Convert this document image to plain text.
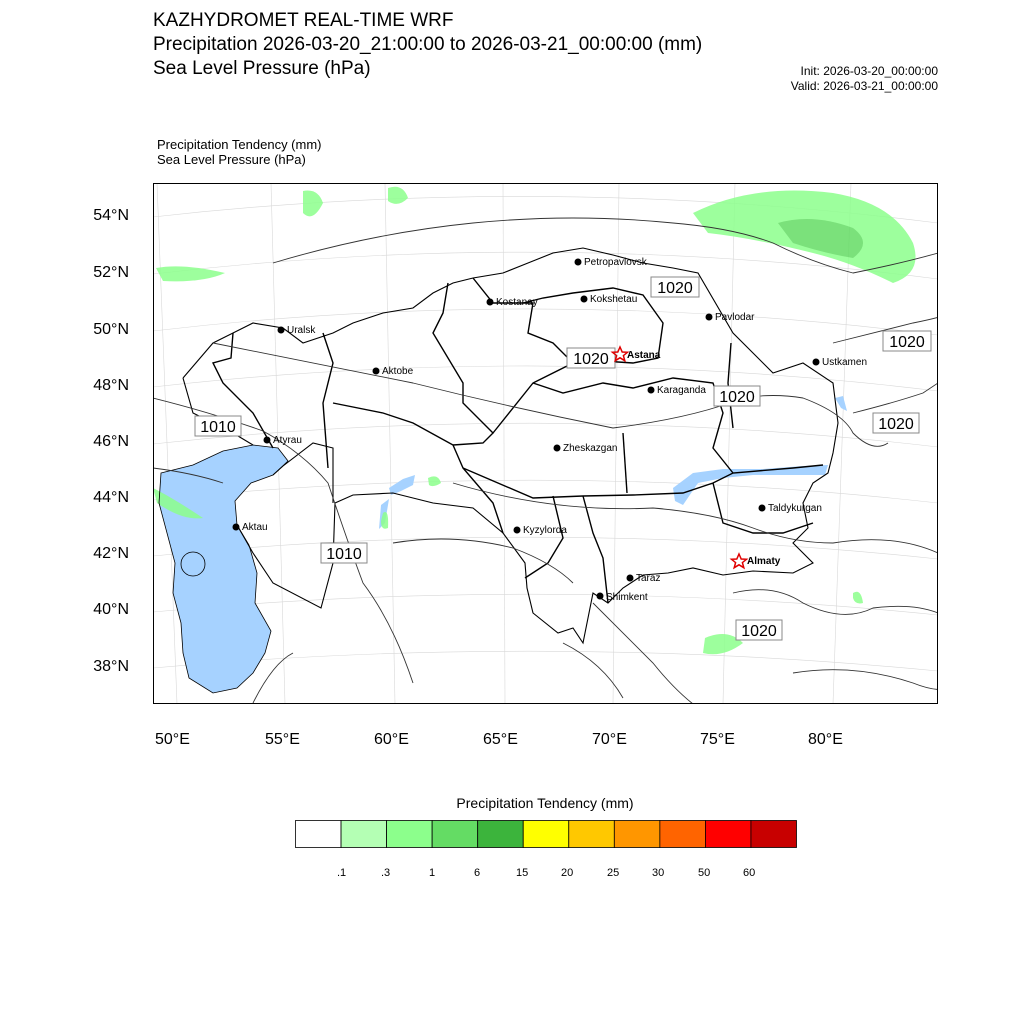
KAZHYDROMET REAL-TIME WRF
Precipitation 2026-03-20_21:00:00 to 2026-03-21_00:00:00 (mm)
Sea Level Pressure (hPa)	Init: 2026-03-20_00:00:00
Valid: 2026-03-21_00:00:00
Precipitation Tendency (mm)
Sea Level Pressure (hPa)
1020
1020
1020
1020
1020
1010
1010
1020
Petropavlovsk
Kostanay	Kokshetau
Pavlodar
Uralsk
Astana
Ustkamen
Aktobe
Karaganda
Atyrau
Zheskazgan
Aktau	Kyzylorda
Taldykurgan
Almaty
Taraz
Shimkent
54°N
52°N
50°N
48°N
46°N
44°N
42°N
40°N
38°N
50°E	55°E	60°E	65°E	70°E	75°E	80°E
Precipitation Tendency (mm)
.1	.3	1	6	15	20	25	30	50	60
